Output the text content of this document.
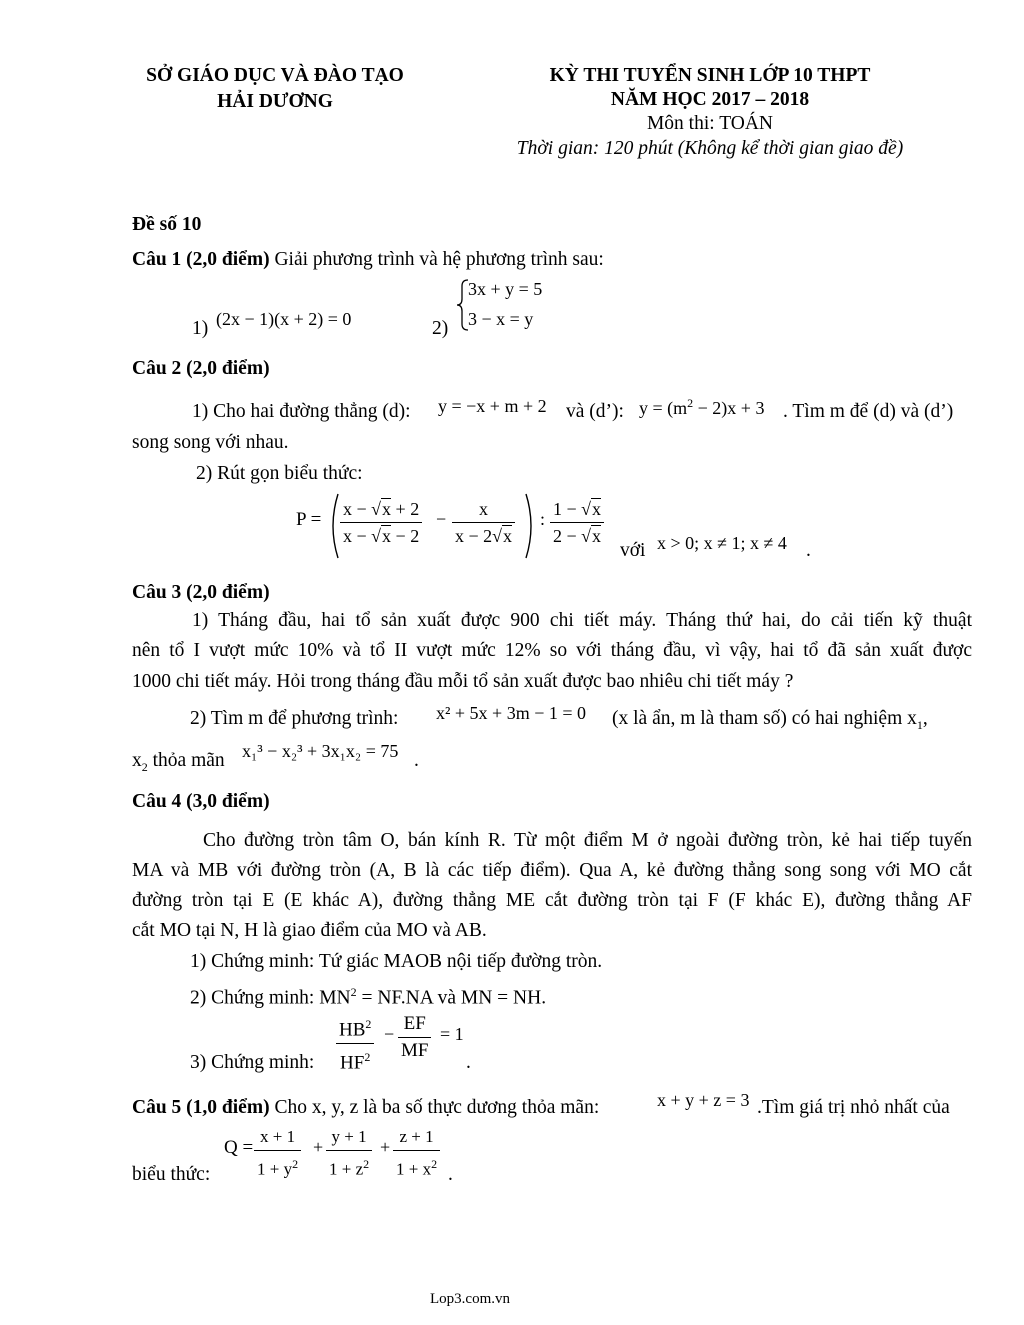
SỞ GIÁO DỤC VÀ ĐÀO TẠO
HẢI DƯƠNG
KỲ THI TUYỂN SINH LỚP 10 THPT
NĂM HỌC 2017 – 2018
Môn thi: TOÁN
Thời gian: 120 phút (Không kể thời gian giao đề)
Đề số 10
Câu 1 (2,0 điểm) Giải phương trình và hệ phương trình sau:
1) (2x − 1)(x + 2) = 0	2)
3x + y = 5
3 − x = y
Câu 2 (2,0 điểm)
1) Cho hai đường thẳng (d): y = −x + m + 2 và (d’): $y = (m^2 - 2)x + 3$ . Tìm m để (d) và (d’)
song song với nhau.
2) Rút gọn biểu thức:
$P = \frac{x - √x + 2}{x - √x - 2} - \frac{x}{x - 2√x}$ : $\frac{1 - √x}{2 - √x}$
với x > 0; x ≠ 1; x ≠ 4 .
Câu 3 (2,0 điểm)
1) Tháng đầu, hai tổ sản xuất được 900 chi tiết máy. Tháng thứ hai, do cải tiến kỹ thuật
nên tổ I vượt mức 10% và tổ II vượt mức 12% so với tháng đầu, vì vậy, hai tổ đã sản xuất được
1000 chi tiết máy. Hỏi trong tháng đầu mỗi tổ sản xuất được bao nhiêu chi tiết máy ?
2) Tìm m để phương trình: x² + 5x + 3m − 1 = 0 (x là ẩn, m là tham số) có hai nghiệm $x_1$,
$x_2$ thỏa mãn x₁³ − x₂³ + 3x₁x₂ = 75 .
Câu 4 (3,0 điểm)
Cho đường tròn tâm O, bán kính R. Từ một điểm M ở ngoài đường tròn, kẻ hai tiếp tuyến
MA và MB với đường tròn (A, B là các tiếp điểm). Qua A, kẻ đường thẳng song song với MO cắt
đường tròn tại E (E khác A), đường thẳng ME cắt đường tròn tại F (F khác E), đường thẳng AF
cắt MO tại N, H là giao điểm của MO và AB.
1) Chứng minh: Tứ giác MAOB nội tiếp đường tròn.
2) Chứng minh: $MN^2 = NF.NA$ và MN = NH.
3) Chứng minh: $\frac{HB^2}{HF^2} - \frac{EF}{MF} = 1$
.
Câu 5 (1,0 điểm) Cho x, y, z là ba số thực dương thỏa mãn:	x + y + z = 3 .Tìm giá trị nhỏ nhất của
biểu thức:
$Q = \frac{x + 1}{1 + y^2} + \frac{y + 1}{1 + z^2} + \frac{z + 1}{1 + x^2}$ .
Lop3.com.vn
